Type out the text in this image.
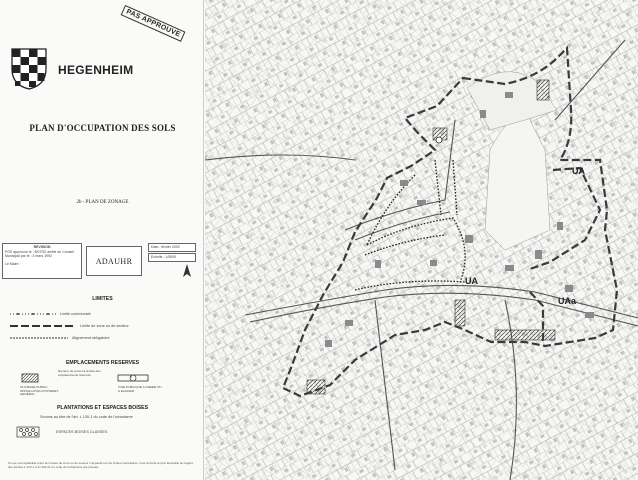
HEGENHEIM
PAS APPROUVE
PLAN D'OCCUPATION DES SOLS
2b - PLAN DE ZONAGE
REVISION
POS approuvé le : 8/07/92 arrêté du Conseil
Municipal par le : 3 mars 1992
Le Maire :	ADAUHR
Date : février 2002
Echelle : 1/5000
LIMITES
Limite communale
Limite de zone ou de secteur
Alignement obligatoire
EMPLACEMENTS RESERVES
8
Numéro de renvoi à la liste des emplacements réservés
OUVRAGE PUBLIC INSTALLATION D'INTERET GENERAL
VOIE PUBLIQUE A CREER OU A ELARGIR
PLANTATIONS ET ESPACES BOISES
Soumis au titre de l'art. L 130-1 du code de l'urbanisme
ESPACES BOISES CLASSES
Si une incompatibilité entre les limites de zone ou de secteur n'apparait sur les limites parcellaires, c'est la limite la plus favorable au regard des articles L.123-1 et R.123-21 du code de l'urbanisme qui prévaut.
UA
UA
UAa
